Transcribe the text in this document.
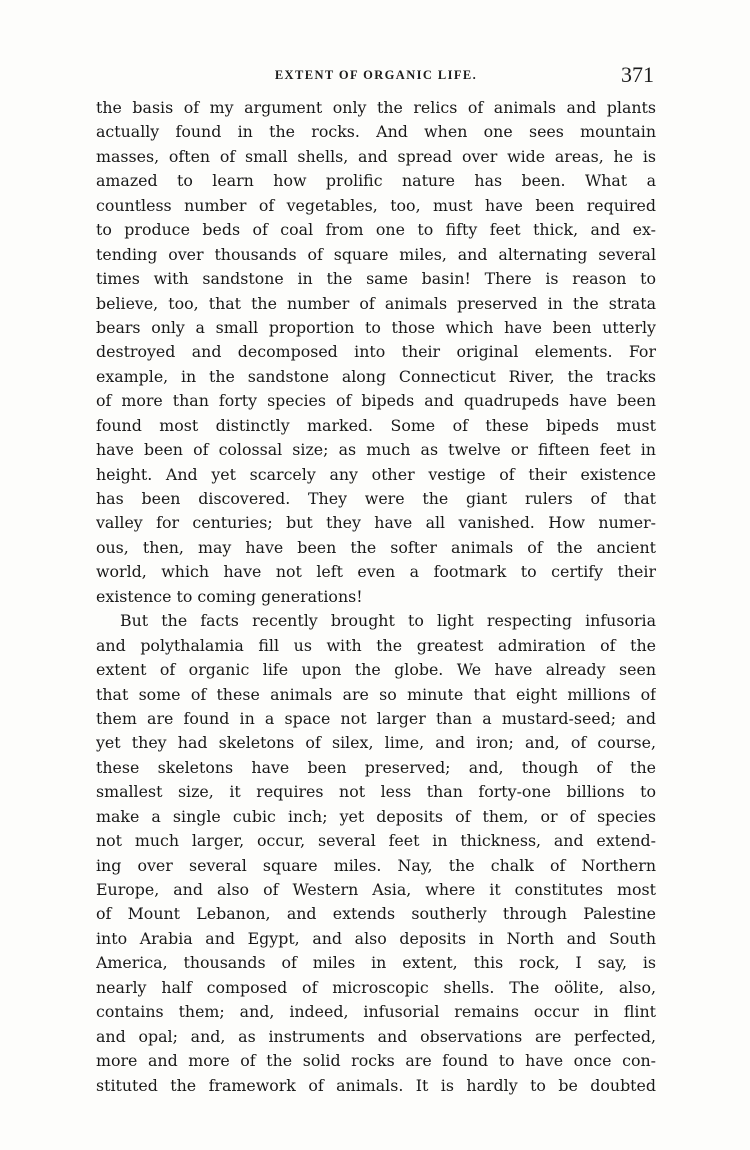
EXTENT OF ORGANIC LIFE.	371

the basis of my argument only the relics of animals and plants
actually found in the rocks. And when one sees mountain
masses, often of small shells, and spread over wide areas, he is
amazed to learn how prolific nature has been. What a
countless number of vegetables, too, must have been required
to produce beds of coal from one to fifty feet thick, and ex-
tending over thousands of square miles, and alternating several
times with sandstone in the same basin! There is reason to
believe, too, that the number of animals preserved in the strata
bears only a small proportion to those which have been utterly
destroyed and decomposed into their original elements. For
example, in the sandstone along Connecticut River, the tracks
of more than forty species of bipeds and quadrupeds have been
found most distinctly marked. Some of these bipeds must
have been of colossal size; as much as twelve or fifteen feet in
height. And yet scarcely any other vestige of their existence
has been discovered. They were the giant rulers of that
valley for centuries; but they have all vanished. How numer-
ous, then, may have been the softer animals of the ancient
world, which have not left even a footmark to certify their
existence to coming generations!

But the facts recently brought to light respecting infusoria
and polythalamia fill us with the greatest admiration of the
extent of organic life upon the globe. We have already seen
that some of these animals are so minute that eight millions of
them are found in a space not larger than a mustard-seed; and
yet they had skeletons of silex, lime, and iron; and, of course,
these skeletons have been preserved; and, though of the
smallest size, it requires not less than forty-one billions to
make a single cubic inch; yet deposits of them, or of species
not much larger, occur, several feet in thickness, and extend-
ing over several square miles. Nay, the chalk of Northern
Europe, and also of Western Asia, where it constitutes most
of Mount Lebanon, and extends southerly through Palestine
into Arabia and Egypt, and also deposits in North and South
America, thousands of miles in extent, this rock, I say, is
nearly half composed of microscopic shells. The oölite, also,
contains them; and, indeed, infusorial remains occur in flint
and opal; and, as instruments and observations are perfected,
more and more of the solid rocks are found to have once con-
stituted the framework of animals. It is hardly to be doubted
